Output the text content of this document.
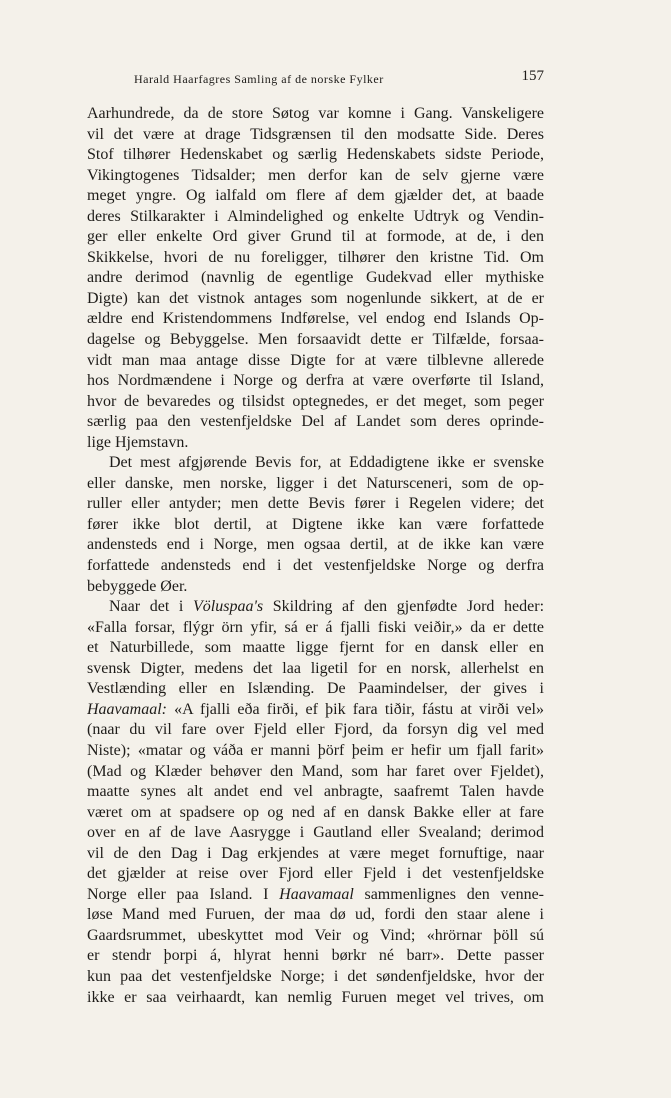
Harald Haarfagres Samling af de norske Fylker	157
Aarhundrede, da de store Søtog var komne i Gang. Vanskeligere
vil det være at drage Tidsgrænsen til den modsatte Side. Deres
Stof tilhører Hedenskabet og særlig Hedenskabets sidste Periode,
Vikingtogenes Tidsalder; men derfor kan de selv gjerne være
meget yngre. Og ialfald om flere af dem gjælder det, at baade
deres Stilkarakter i Almindelighed og enkelte Udtryk og Vendin-
ger eller enkelte Ord giver Grund til at formode, at de, i den
Skikkelse, hvori de nu foreligger, tilhører den kristne Tid. Om
andre derimod (navnlig de egentlige Gudekvad eller mythiske
Digte) kan det vistnok antages som nogenlunde sikkert, at de er
ældre end Kristendommens Indførelse, vel endog end Islands Op-
dagelse og Bebyggelse. Men forsaavidt dette er Tilfælde, forsaa-
vidt man maa antage disse Digte for at være tilblevne allerede
hos Nordmændene i Norge og derfra at være overførte til Island,
hvor de bevaredes og tilsidst optegnedes, er det meget, som peger
særlig paa den vestenfjeldske Del af Landet som deres oprinde-
lige Hjemstavn.
Det mest afgjørende Bevis for, at Eddadigtene ikke er svenske
eller danske, men norske, ligger i det Natursceneri, som de op-
ruller eller antyder; men dette Bevis fører i Regelen videre; det
fører ikke blot dertil, at Digtene ikke kan være forfattede
andensteds end i Norge, men ogsaa dertil, at de ikke kan være
forfattede andensteds end i det vestenfjeldske Norge og derfra
bebyggede Øer.
Naar det i Völuspaa's Skildring af den gjenfødte Jord heder:
«Falla forsar, flýgr örn yfir, sá er á fjalli fiski veiðir,» da er dette
et Naturbillede, som maatte ligge fjernt for en dansk eller en
svensk Digter, medens det laa ligetil for en norsk, allerhelst en
Vestlænding eller en Islænding. De Paamindelser, der gives i
Haavamaal: «A fjalli eða firði, ef þik fara tiðir, fástu at virði vel»
(naar du vil fare over Fjeld eller Fjord, da forsyn dig vel med
Niste); «matar og váða er manni þörf þeim er hefir um fjall farit»
(Mad og Klæder behøver den Mand, som har faret over Fjeldet),
maatte synes alt andet end vel anbragte, saafremt Talen havde
været om at spadsere op og ned af en dansk Bakke eller at fare
over en af de lave Aasrygge i Gautland eller Svealand; derimod
vil de den Dag i Dag erkjendes at være meget fornuftige, naar
det gjælder at reise over Fjord eller Fjeld i det vestenfjeldske
Norge eller paa Island. I Haavamaal sammenlignes den venne-
løse Mand med Furuen, der maa dø ud, fordi den staar alene i
Gaardsrummet, ubeskyttet mod Veir og Vind; «hrörnar þöll sú
er stendr þorpi á, hlyrat henni børkr né barr». Dette passer
kun paa det vestenfjeldske Norge; i det søndenfjeldske, hvor der
ikke er saa veirhaardt, kan nemlig Furuen meget vel trives, om
